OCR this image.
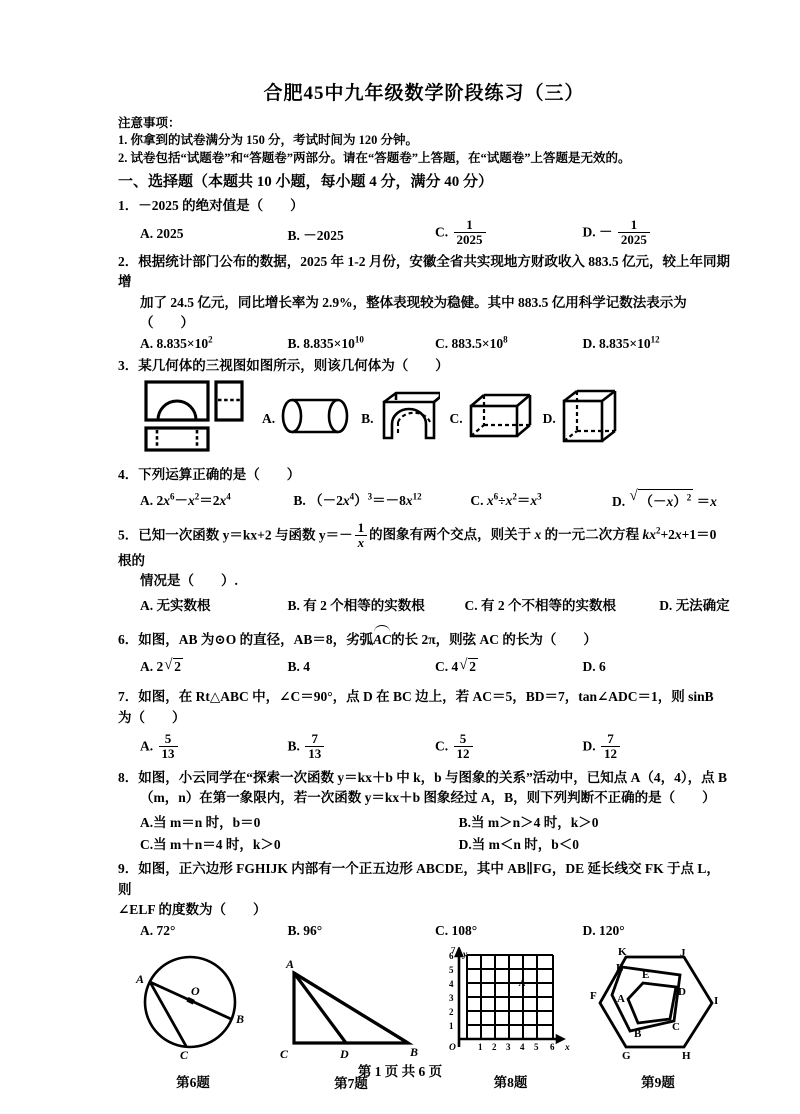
合肥45中九年级数学阶段练习（三）
注意事项：
1. 你拿到的试卷满分为 150 分，考试时间为 120 分钟。
2. 试卷包括“试题卷”和“答题卷”两部分。请在“答题卷”上答题，在“试题卷”上答题是无效的。
一、选择题（本题共 10 小题，每小题 4 分，满分 40 分）
1．－2025 的绝对值是（　　）
A. 2025	B. －2025	C. $\frac{1}{2025}$	D. － $\frac{1}{2025}$
2．根据统计部门公布的数据，2025 年 1-2 月份，安徽全省共实现地方财政收入 883.5 亿元，较上年同期增
加了 24.5 亿元，同比增长率为 2.9%，整体表现较为稳健。其中 883.5 亿用科学记数法表示为（　　）
A. $8.835\times 10^2$	B. $8.835\times 10^{10}$	C. $883.5\times 10^8$	D. $8.835\times 10^{12}$
3．某几何体的三视图如图所示，则该几何体为（　　）
A.	B.	C.	D.
4．下列运算正确的是（　　）
A. $2x^6-x^2=2x^4$	B. $(-2x^4)^3=-8x^{12}$	C. $x^6\div x^2=x^3$	D. √ $(-x)^2 =x$
5．已知一次函数 y＝kx+2 与函数 $y=- \frac{1}{x}$ 的图象有两个交点，则关于 x 的一元二次方程 $kx^2+2x+1=0$ 根的
情况是（　　）.
A. 无实数根	B. 有 2 个相等的实数根	C. 有 2 个不相等的实数根	D. 无法确定
6．如图，AB 为⊙O 的直径，AB＝8，劣弧AC的长 2π，则弦 AC 的长为（　　）
A. 2 √ 2	B. 4	C. 4 √ 2	D. 6
7．如图，在 Rt△ABC 中，∠C＝90°，点 D 在 BC 边上，若 AC＝5，BD＝7，tan∠ADC＝1，则 sinB 为（　　）
A. $\frac{5}{13}$	B. $\frac{7}{13}$	C. $\frac{5}{12}$	D. $\frac{7}{12}$
8．如图，小云同学在“探索一次函数 y＝kx＋b 中 k，b 与图象的关系”活动中，已知点 A（4，4），点 B
（m，n）在第一象限内，若一次函数 y＝kx＋b 图象经过 A，B，则下列判断不正确的是（　　）
A.当 m＝n 时，b＝0	B.当 m＞n＞4 时，k＞0
C.当 m＋n＝4 时，k＞0	D.当 m＜n 时，b＜0
9．如图，正六边形 FGHIJK 内部有一个正五边形 ABCDE，其中 AB∥FG，DE 延长线交 FK 于点 L，则
∠ELF 的度数为（　　）
A. 72°	B. 96°	C. 108°	D. 120°
A
O
B
C
第6题
A
C	D	B
第7题
A
O	x
y
1 2 3 4 5 6
1
2
3
4
5
6
7
第8题
K	J
L
F	I
G	H
A
B
C
D
E
第9题
第 1 页 共 6 页
